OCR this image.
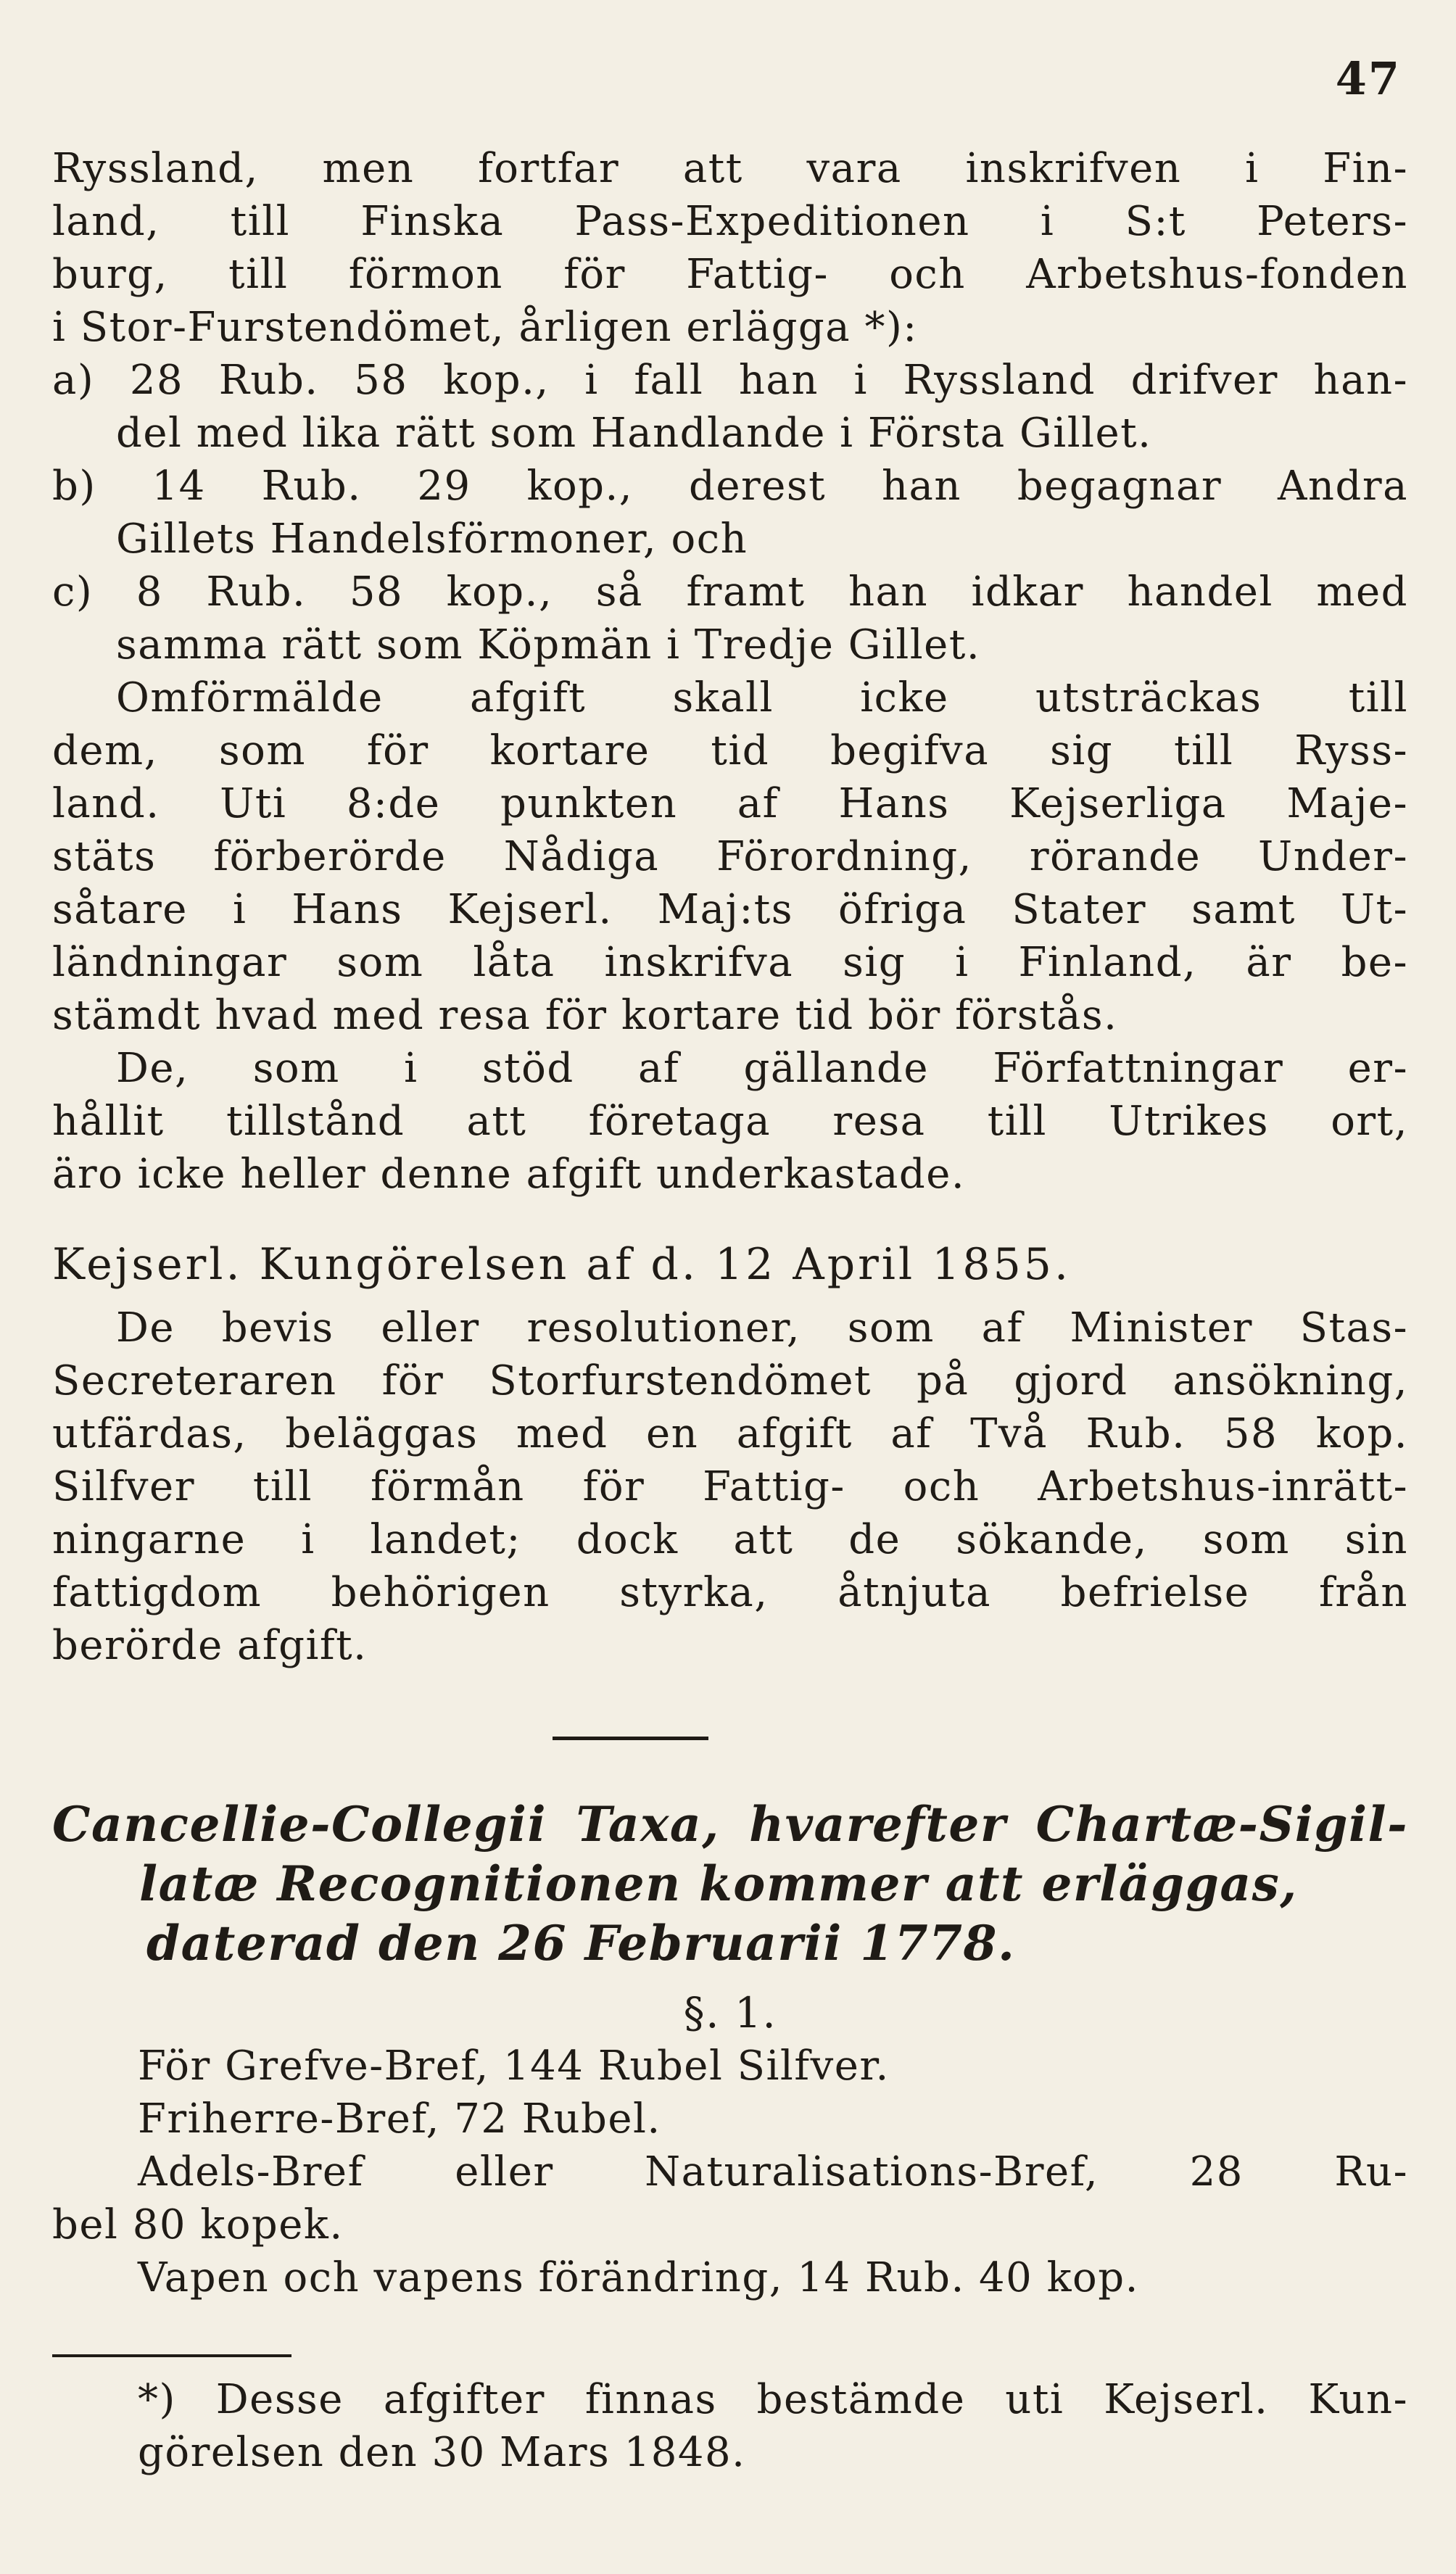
47
Ryssland, men fortfar att vara inskrifven i Fin-
land, till Finska Pass-Expeditionen i S:t Peters-
burg, till förmon för Fattig- och Arbetshus-fonden
i Stor-Furstendömet, årligen erlägga *):
a) 28 Rub. 58 kop., i fall han i Ryssland drifver han-
del med lika rätt som Handlande i Första Gillet.
b) 14 Rub. 29 kop., derest han begagnar Andra
Gillets Handelsförmoner, och
c) 8 Rub. 58 kop., så framt han idkar handel med
samma rätt som Köpmän i Tredje Gillet.
Omförmälde afgift skall icke utsträckas till
dem, som för kortare tid begifva sig till Ryss-
land. Uti 8:de punkten af Hans Kejserliga Maje-
stäts förberörde Nådiga Förordning, rörande Under-
såtare i Hans Kejserl. Maj:ts öfriga Stater samt Ut-
ländningar som låta inskrifva sig i Finland, är be-
stämdt hvad med resa för kortare tid bör förstås.
De, som i stöd af gällande Författningar er-
hållit tillstånd att företaga resa till Utrikes ort,
äro icke heller denne afgift underkastade.
Kejserl. Kungörelsen af d. 12 April 1855.
De bevis eller resolutioner, som af Minister Stas-
Secreteraren för Storfurstendömet på gjord ansökning,
utfärdas, beläggas med en afgift af Två Rub. 58 kop.
Silfver till förmån för Fattig- och Arbetshus-inrätt-
ningarne i landet; dock att de sökande, som sin
fattigdom behörigen styrka, åtnjuta befrielse från
berörde afgift.
Cancellie-Collegii Taxa, hvarefter Chartæ-Sigil-
latæ Recognitionen kommer att erläggas,
daterad den 26 Februarii 1778.
§. 1.
För Grefve-Bref, 144 Rubel Silfver.
Friherre-Bref, 72 Rubel.
Adels-Bref eller Naturalisations-Bref, 28 Ru-
bel 80 kopek.
Vapen och vapens förändring, 14 Rub. 40 kop.
*) Desse afgifter finnas bestämde uti Kejserl. Kun-
görelsen den 30 Mars 1848.
